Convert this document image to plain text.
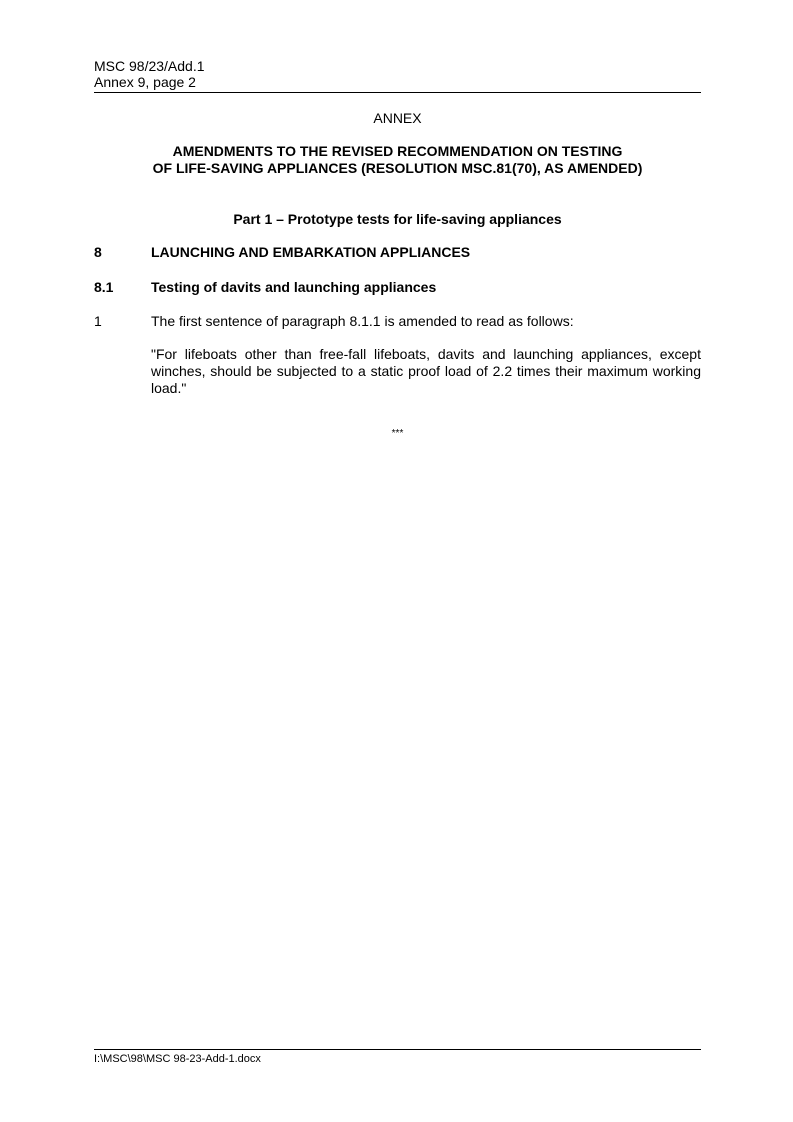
MSC 98/23/Add.1
Annex 9, page 2
ANNEX
AMENDMENTS TO THE REVISED RECOMMENDATION ON TESTING
OF LIFE-SAVING APPLIANCES (RESOLUTION MSC.81(70), AS AMENDED)
Part 1 – Prototype tests for life-saving appliances
8	LAUNCHING AND EMBARKATION APPLIANCES
8.1	Testing of davits and launching appliances
1	The first sentence of paragraph 8.1.1 is amended to read as follows:
"For lifeboats other than free-fall lifeboats, davits and launching appliances, except winches, should be subjected to a static proof load of 2.2 times their maximum working load."
***
I:\MSC\98\MSC 98-23-Add-1.docx
